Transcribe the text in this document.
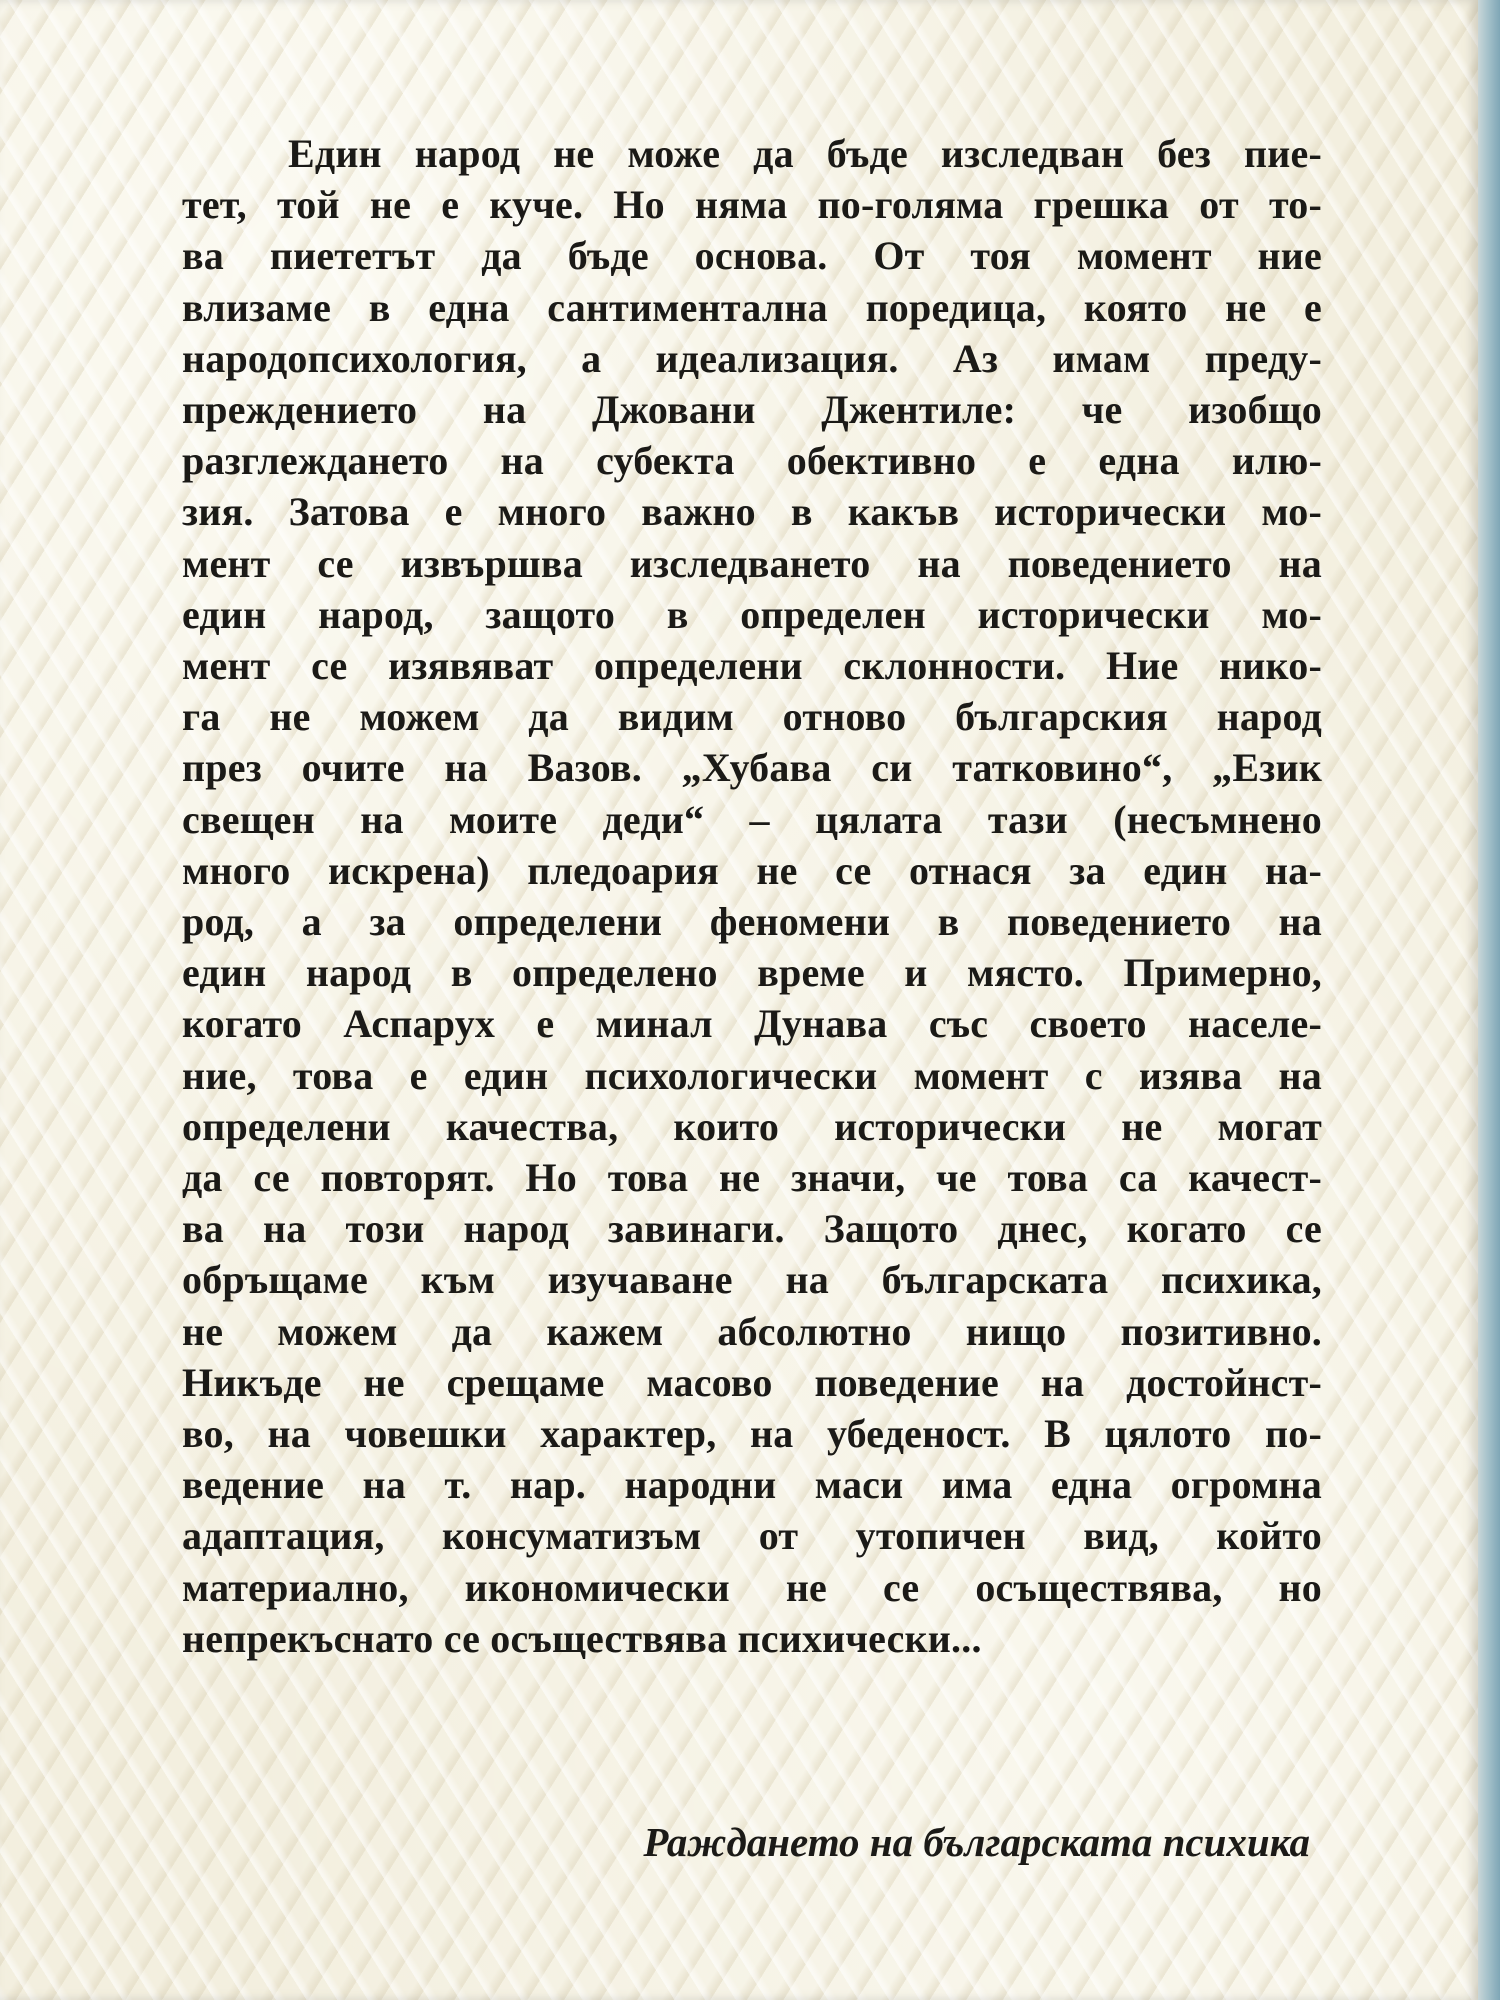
Един народ не може да бъде изследван без пие-
тет, той не е куче. Но няма по-голяма грешка от то-
ва пиететът да бъде основа. От тоя момент ние
влизаме в една сантиментална поредица, която не е
народопсихология, а идеализация. Аз имам преду-
преждението на Джовани Джентиле: че изобщо
разглеждането на субекта обективно е една илю-
зия. Затова е много важно в какъв исторически мо-
мент се извършва изследването на поведението на
един народ, защото в определен исторически мо-
мент се изявяват определени склонности. Ние нико-
га не можем да видим отново българския народ
през очите на Вазов. „Хубава си татковино“, „Език
свещен на моите деди“ – цялата тази (несъмнено
много искрена) пледоария не се отнася за един на-
род, а за определени феномени в поведението на
един народ в определено време и място. Примерно,
когато Аспарух е минал Дунава със своето населе-
ние, това е един психологически момент с изява на
определени качества, които исторически не могат
да се повторят. Но това не значи, че това са качест-
ва на този народ завинаги. Защото днес, когато се
обръщаме към изучаване на българската психика,
не можем да кажем абсолютно нищо позитивно.
Никъде не срещаме масово поведение на достойнст-
во, на човешки характер, на убеденост. В цялото по-
ведение на т. нар. народни маси има една огромна
адаптация, консуматизъм от утопичен вид, който
материално, икономически не се осъществява, но
непрекъснато се осъществява психически...
Раждането на българската психика
